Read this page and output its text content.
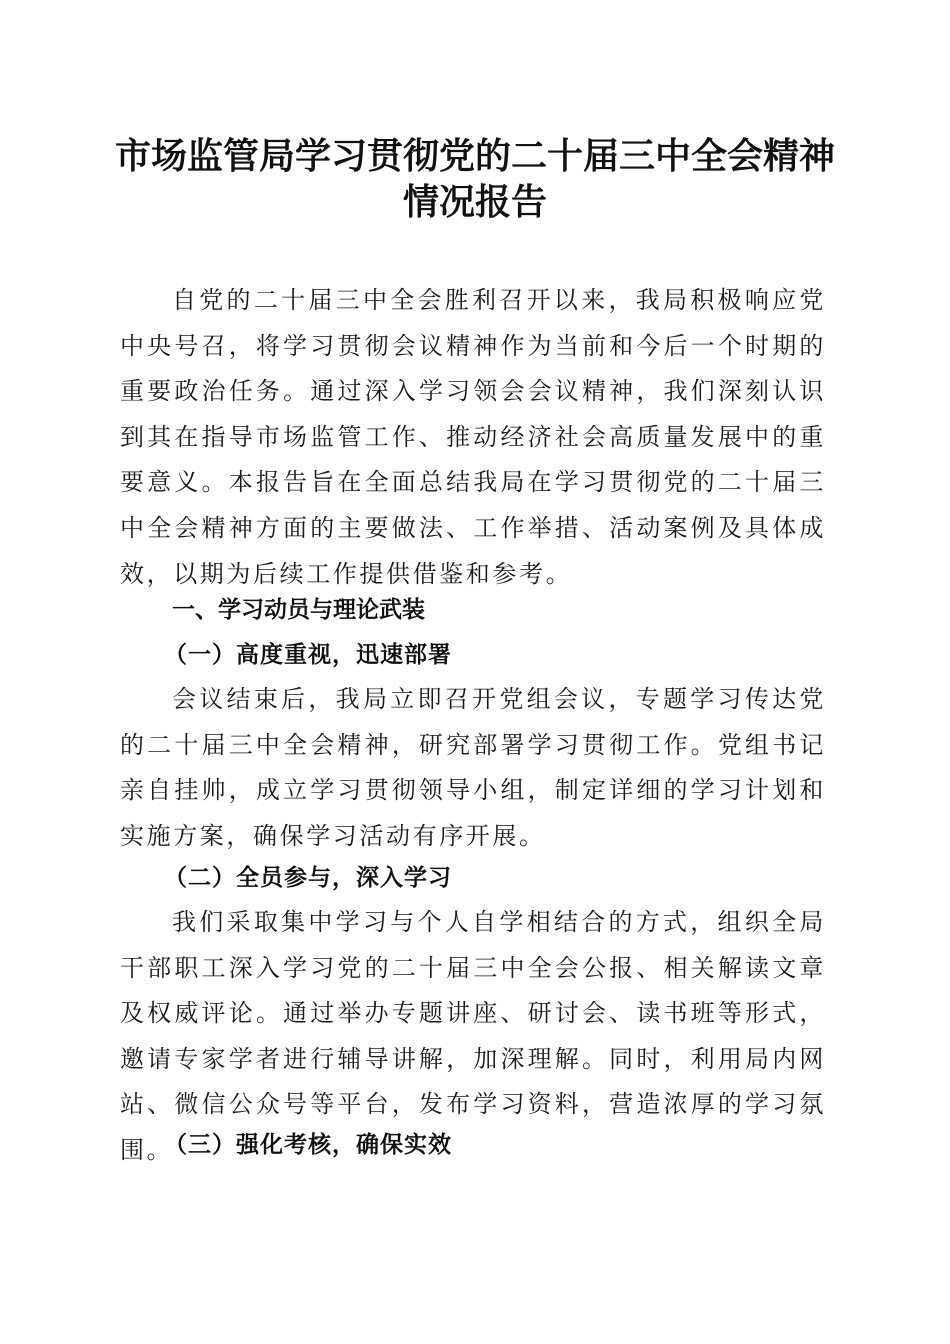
市场监管局学习贯彻党的二十届三中全会精神
情况报告

自党的二十届三中全会胜利召开以来，我局积极响应党中央号召，将学习贯彻会议精神作为当前和今后一个时期的重要政治任务。通过深入学习领会会议精神，我们深刻认识到其在指导市场监管工作、推动经济社会高质量发展中的重要意义。本报告旨在全面总结我局在学习贯彻党的二十届三中全会精神方面的主要做法、工作举措、活动案例及具体成效，以期为后续工作提供借鉴和参考。

一、学习动员与理论武装
（一）高度重视，迅速部署

会议结束后，我局立即召开党组会议，专题学习传达党的二十届三中全会精神，研究部署学习贯彻工作。党组书记亲自挂帅，成立学习贯彻领导小组，制定详细的学习计划和实施方案，确保学习活动有序开展。

（二）全员参与，深入学习

我们采取集中学习与个人自学相结合的方式，组织全局干部职工深入学习党的二十届三中全会公报、相关解读文章及权威评论。通过举办专题讲座、研讨会、读书班等形式，邀请专家学者进行辅导讲解，加深理解。同时，利用局内网站、微信公众号等平台，发布学习资料，营造浓厚的学习氛围。

（三）强化考核，确保实效
